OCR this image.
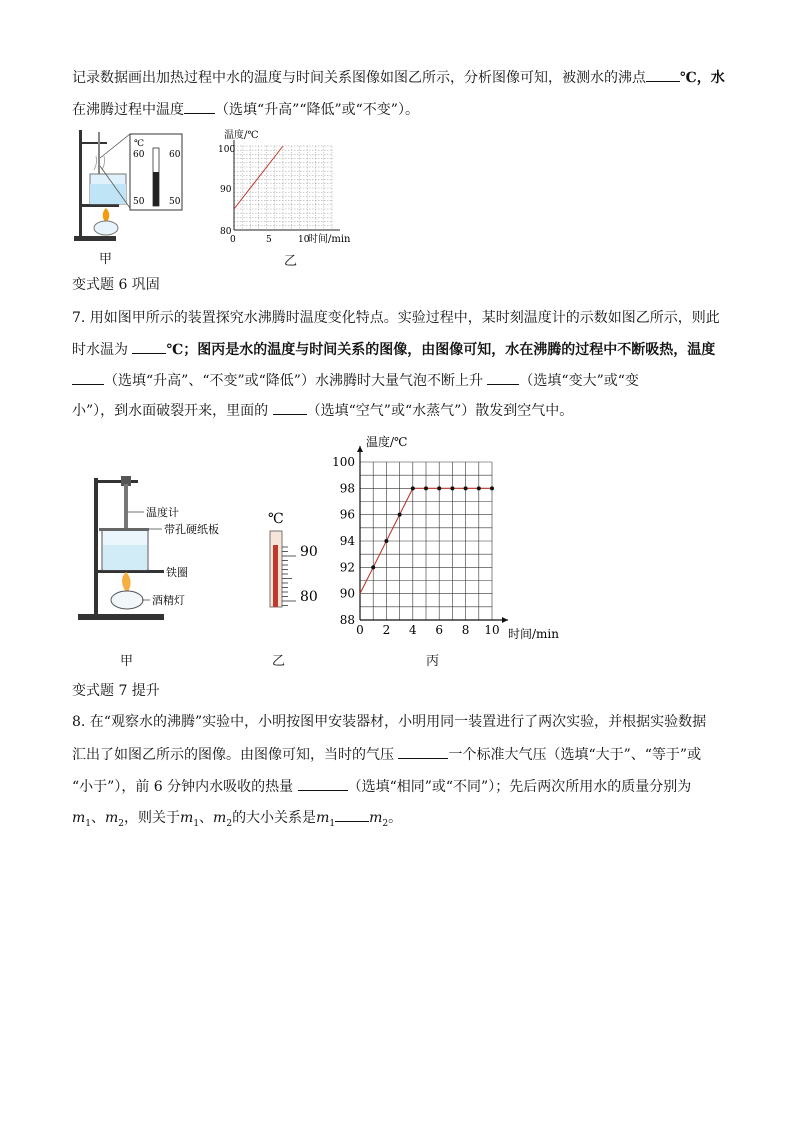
记录数据画出加热过程中水的温度与时间关系图像如图乙所示，分析图像可知，被测水的沸点 ℃，水
在沸腾过程中温度 （选填“升高”“降低”或“不变”）。
℃
60	60
50	50
甲
温度/℃
时间/min
100
90
80
0	5	10
乙
变式题 6 巩固
7. 用如图甲所示的装置探究水沸腾时温度变化特点。实验过程中，某时刻温度计的示数如图乙所示，则此
时水温为	℃；图丙是水的温度与时间关系的图像，由图像可知，水在沸腾的过程中不断吸热，温度
（选填“升高”、“不变”或“降低”）水沸腾时大量气泡不断上升	（选填“变大”或“变
小”），到水面破裂开来，里面的	（选填“空气”或“水蒸气”）散发到空气中。
温度计
带孔硬纸板
铁圈
酒精灯
甲
℃
90
80
乙
88
90
92
94
96
98
100
0 2 4 6 8 10
温度/℃
时间/min
丙
变式题 7 提升
8. 在“观察水的沸腾”实验中，小明按图甲安装器材，小明用同一装置进行了两次实验，并根据实验数据
汇出了如图乙所示的图像。由图像可知，当时的气压	一个标准大气压（选填“大于”、“等于”或
“小于”），前 6 分钟内水吸收的热量	（选填“相同”或“不同”）；先后两次所用水的质量分别为
$m_1$、$m_2$，则关于$m_1$、$m_2$的大小关系是$m_1$ $m_2$。
